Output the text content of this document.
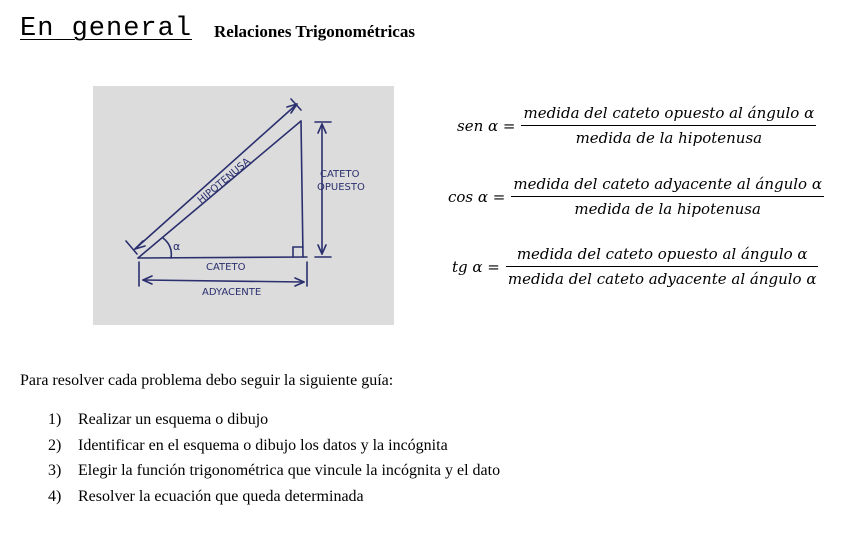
En general Relaciones Trigonométricas
HIPOTENUSA	CATETO
OPUESTO
CATETO
ADYACENTE
α
sen $\alpha = \frac{\text{medida del cateto opuesto al ángulo α}}{\text{medida de la hipotenusa}}$
$\cos \alpha = \frac{\text{medida del cateto adyacente al ángulo α}}{\text{medida de la hipotenusa}}$
tg $\alpha = \frac{\text{medida del cateto opuesto al ángulo α}}{\text{medida del cateto adyacente al ángulo α}}$
Para resolver cada problema debo seguir la siguiente guía:
1)	Realizar un esquema o dibujo
2)	Identificar en el esquema o dibujo los datos y la incógnita
3)	Elegir la función trigonométrica que vincule la incógnita y el dato
4)	Resolver la ecuación que queda determinada
